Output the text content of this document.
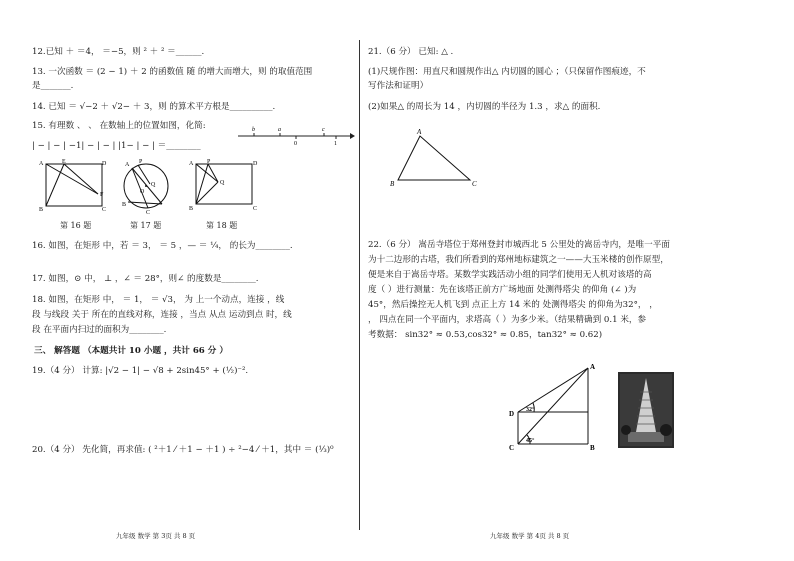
12.已知 ＋ ＝4， ＝−5，则 ² ＋ ² ＝______.
13. 一次函数 ＝ (2 − 1) ＋ 2 的函数值 随 的增大而增大，则 的取值范围
是_______.
14. 已知 ＝ √−2 ＋ √2− ＋ 3，则 的算术平方根是__________.
15. 有理数 、 、 在数轴上的位置如图，化简:
| − | − | −1| − | − | |1− | − | ＝________
b	a
0
c
1
A	E	D
B
F
C
A
Q
P
O
B
C
A P	D
Q
B	C
第 16 题	第 17 题	第 18 题
16. 如图，在矩形 中，若 ＝ 3， ＝ 5 ，— ＝ ¼， 的长为________.
17. 如图，⊙ 中， ⊥ ，∠ ＝ 28°，则∠ 的度数是________.
18. 如图，在矩形 中， ＝ 1， ＝ √3， 为 上一个动点，连接 ，线
段 与线段 关于 所在的直线对称，连接 ，当点 从点 运动到点 时，线
段 在平面内扫过的面积为________.
三、 解答题 （本题共计 10 小题 ，共计 66 分 ）
19.（4 分） 计算: |√2 − 1| − √8 + 2sin45° + (½)⁻².
20.（4 分） 先化简，再求值: ( ²＋1 ⁄ ＋1 − ＋1 ) ÷ ²−4 ⁄ ＋1，其中 ＝ (⅓)⁰
九年级 数学 第 3页 共 8 页
21.（6 分） 已知: △ .
(1)尺规作图：用直尺和圆规作出△ 内切圆的圆心 ；（只保留作图痕迹，不
写作法和证明）
(2)如果△ 的周长为 14 ，内切圆的半径为 1.3 ，求△ 的面积.
A
B	C
22.（6 分） 嵩岳寺塔位于郑州登封市城西北 5 公里处的嵩岳寺内，是唯一平面
为十二边形的古塔，我们所看到的郑州地标建筑之一——大玉米楼的创作原型，
便是来自于嵩岳寺塔。某数学实践活动小组的同学们使用无人机对该塔的高
度（ ）进行测量：先在该塔正前方广场地面 处测得塔尖 的仰角 (∠ )为
45°，然后操控无人机飞到 点正上方 14 米的 处测得塔尖 的仰角为32°， ，
， 四点在同一个平面内，求塔高（ ）为多少米。（结果精确到 0.1 米，参
考数据： sin32° ≈ 0.53,cos32° ≈ 0.85，tan32° ≈ 0.62)
A
D
C	B
32°
45°
九年级 数学 第 4页 共 8 页
